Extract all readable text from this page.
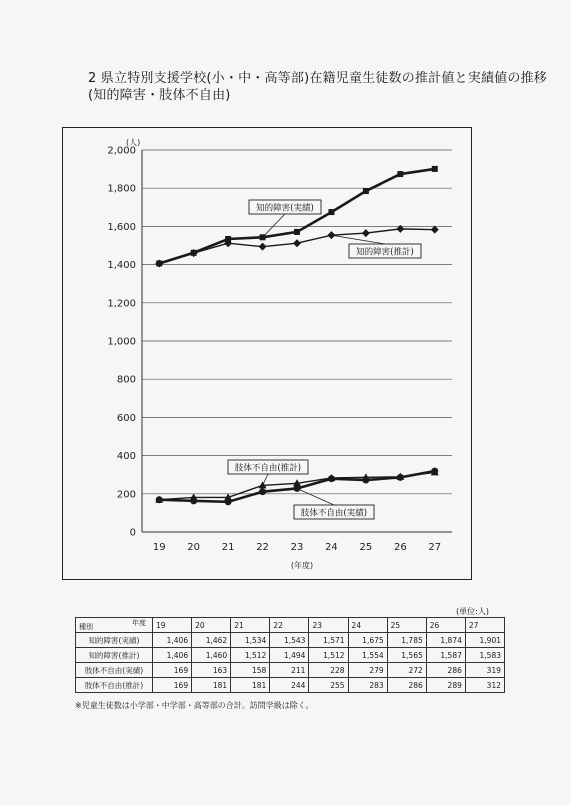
2 県立特別支援学校(小・中・高等部)在籍児童生徒数の推計値と実績値の推移
(知的障害・肢体不自由)
0
200
400
600
800
1,000
1,200
1,400
1,600
1,800
2,000
19 20 21 22 23 24 25 26 27
(人)
(年度)
知的障害(実績)
知的障害(推計)
肢体不自由(推計)
肢体不自由(実績)
(単位:人)
年度
種別	19	20	21	22	23	24	25	26	27
知的障害(実績)	1,406	1,462	1,534	1,543	1,571	1,675	1,785	1,874	1,901
知的障害(推計)	1,406	1,460	1,512	1,494	1,512	1,554	1,565	1,587	1,583
肢体不自由(実績)	169	163	158	211	228	279	272	286	319
肢体不自由(推計)	169	181	181	244	255	283	286	289	312
※児童生徒数は小学部・中学部・高等部の合計。訪問学級は除く。
